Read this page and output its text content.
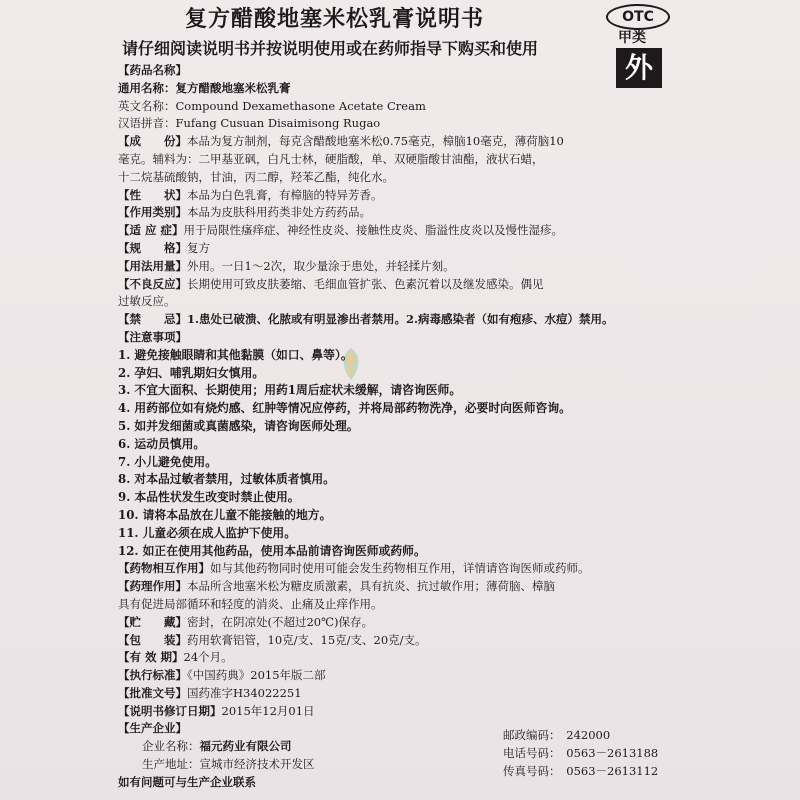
复方醋酸地塞米松乳膏说明书
请仔细阅读说明书并按说明使用或在药师指导下购买和使用
OTC
甲类
外
【药品名称】
通用名称：复方醋酸地塞米松乳膏
英文名称：Compound Dexamethasone Acetate Cream
汉语拼音：Fufang Cusuan Disaimisong Rugao
【成　　份】本品为复方制剂，每克含醋酸地塞米松0.75毫克，樟脑10毫克，薄荷脑10
毫克。辅料为：二甲基亚砜，白凡士林，硬脂酸，单、双硬脂酸甘油酯，液状石蜡，
十二烷基硫酸钠，甘油，丙二醇，羟苯乙酯，纯化水。
【性　　状】本品为白色乳膏，有樟脑的特异芳香。
【作用类别】本品为皮肤科用药类非处方药药品。
【适 应 症】用于局限性瘙痒症、神经性皮炎、接触性皮炎、脂溢性皮炎以及慢性湿疹。
【规　　格】复方
【用法用量】外用。一日1～2次，取少量涂于患处，并轻揉片刻。
【不良反应】长期使用可致皮肤萎缩、毛细血管扩张、色素沉着以及继发感染。偶见
过敏反应。
【禁　　忌】1.患处已破溃、化脓或有明显渗出者禁用。2.病毒感染者（如有疱疹、水痘）禁用。
【注意事项】
1. 避免接触眼睛和其他黏膜（如口、鼻等）。
2. 孕妇、哺乳期妇女慎用。
3. 不宜大面积、长期使用；用药1周后症状未缓解，请咨询医师。
4. 用药部位如有烧灼感、红肿等情况应停药，并将局部药物洗净，必要时向医师咨询。
5. 如并发细菌或真菌感染，请咨询医师处理。
6. 运动员慎用。
7. 小儿避免使用。
8. 对本品过敏者禁用，过敏体质者慎用。
9. 本品性状发生改变时禁止使用。
10. 请将本品放在儿童不能接触的地方。
11. 儿童必须在成人监护下使用。
12. 如正在使用其他药品，使用本品前请咨询医师或药师。
【药物相互作用】如与其他药物同时使用可能会发生药物相互作用，详情请咨询医师或药师。
【药理作用】本品所含地塞米松为糖皮质激素，具有抗炎、抗过敏作用；薄荷脑、樟脑
具有促进局部循环和轻度的消炎、止痛及止痒作用。
【贮　　藏】密封，在阴凉处(不超过20℃)保存。
【包　　装】药用软膏铝管，10克/支、15克/支、20克/支。
【有 效 期】24个月。
【执行标准】《中国药典》2015年版二部
【批准文号】国药准字H34022251
【说明书修订日期】2015年12月01日
【生产企业】
企业名称：福元药业有限公司
生产地址：宣城市经济技术开发区
如有问题可与生产企业联系
邮政编码：　242000
电话号码：　0563－2613188
传真号码：　0563－2613112
